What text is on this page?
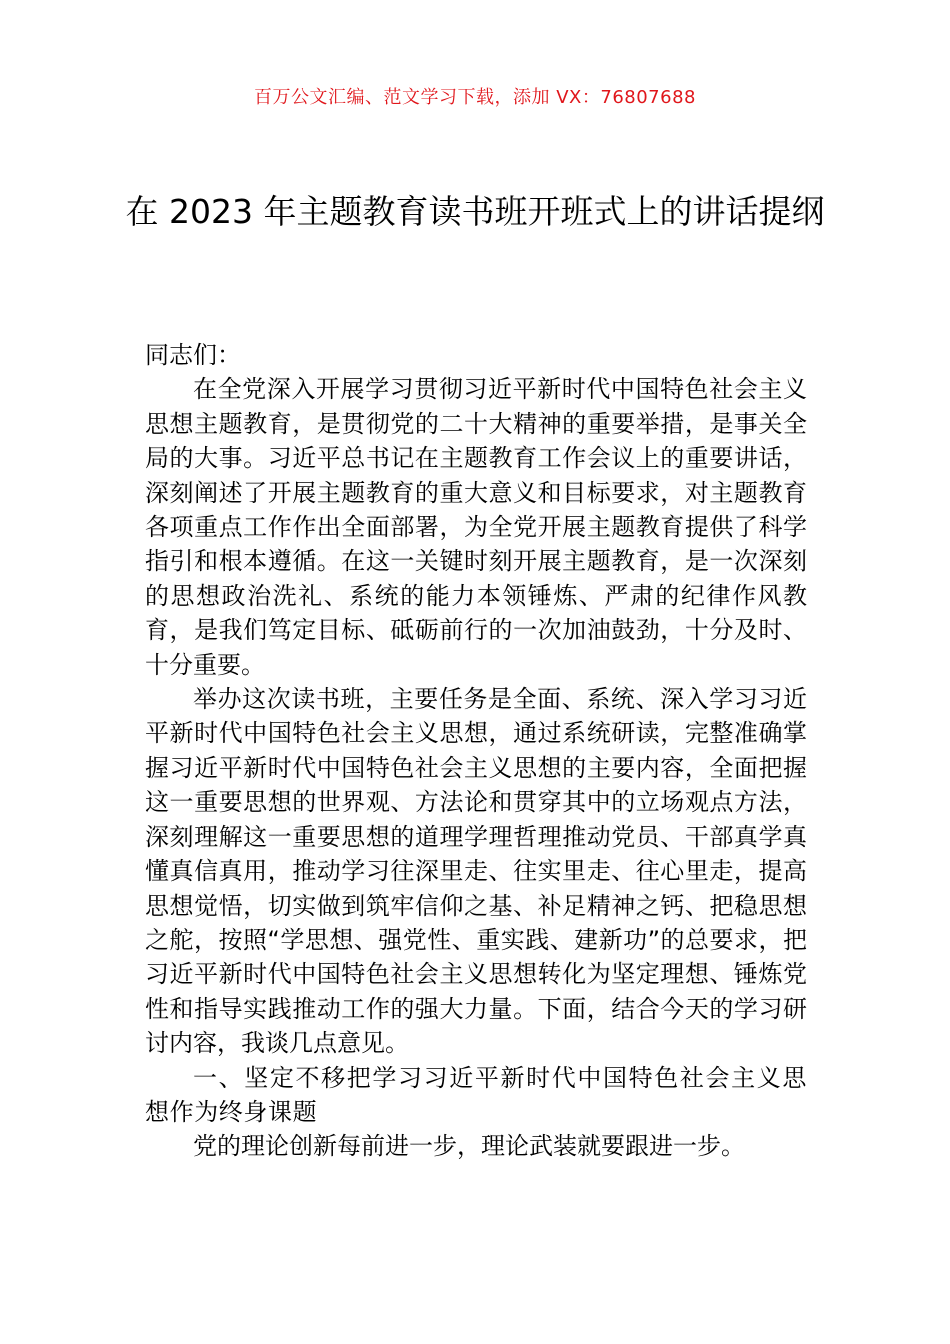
百万公文汇编、范文学习下载，添加 VX：76807688
在 2023 年主题教育读书班开班式上的讲话提纲

同志们：

在全党深入开展学习贯彻习近平新时代中国特色社会主义思想主题教育，是贯彻党的二十大精神的重要举措，是事关全局的大事。习近平总书记在主题教育工作会议上的重要讲话，深刻阐述了开展主题教育的重大意义和目标要求，对主题教育各项重点工作作出全面部署，为全党开展主题教育提供了科学指引和根本遵循。在这一关键时刻开展主题教育，是一次深刻的思想政治洗礼、系统的能力本领锤炼、严肃的纪律作风教育，是我们笃定目标、砥砺前行的一次加油鼓劲，十分及时、十分重要。

举办这次读书班，主要任务是全面、系统、深入学习习近平新时代中国特色社会主义思想，通过系统研读，完整准确掌握习近平新时代中国特色社会主义思想的主要内容，全面把握这一重要思想的世界观、方法论和贯穿其中的立场观点方法，深刻理解这一重要思想的道理学理哲理推动党员、干部真学真懂真信真用，推动学习往深里走、往实里走、往心里走，提高思想觉悟，切实做到筑牢信仰之基、补足精神之钙、把稳思想之舵，按照“学思想、强党性、重实践、建新功”的总要求，把习近平新时代中国特色社会主义思想转化为坚定理想、锤炼党性和指导实践推动工作的强大力量。下面，结合今天的学习研讨内容，我谈几点意见。

一、坚定不移把学习习近平新时代中国特色社会主义思想作为终身课题

党的理论创新每前进一步，理论武装就要跟进一步。
